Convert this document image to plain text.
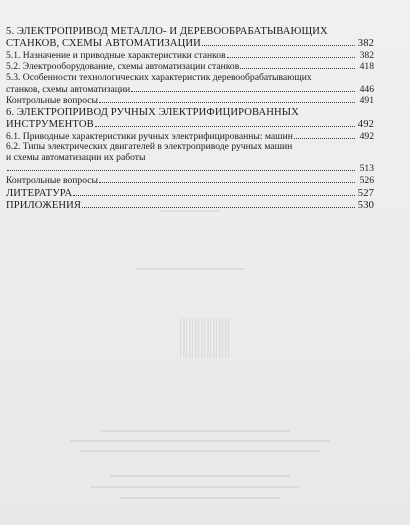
5. ЭЛЕКТРОПРИВОД МЕТАЛЛО- И ДЕРЕВООБРАБАТЫВАЮЩИХ
СТАНКОВ, СХЕМЫ АВТОМАТИЗАЦИИ	382
5.1. Назначение и приводные характеристики станков	382
5.2. Электрооборудование, схемы автоматизации станков	418
5.3. Особенности технологических характеристик деревообрабатывающих
станков, схемы автоматизации	446
Контрольные вопросы	491
6. ЭЛЕКТРОПРИВОД РУЧНЫХ ЭЛЕКТРИФИЦИРОВАННЫХ
ИНСТРУМЕНТОВ	492
6.1. Приводные характеристики ручных электрифицированны: машин	492
6.2. Типы электрических двигателей в электроприводе ручных машин
и схемы автоматизации их работы
513
Контрольные вопросы	526
ЛИТЕРАТУРА	527
ПРИЛОЖЕНИЯ	530
